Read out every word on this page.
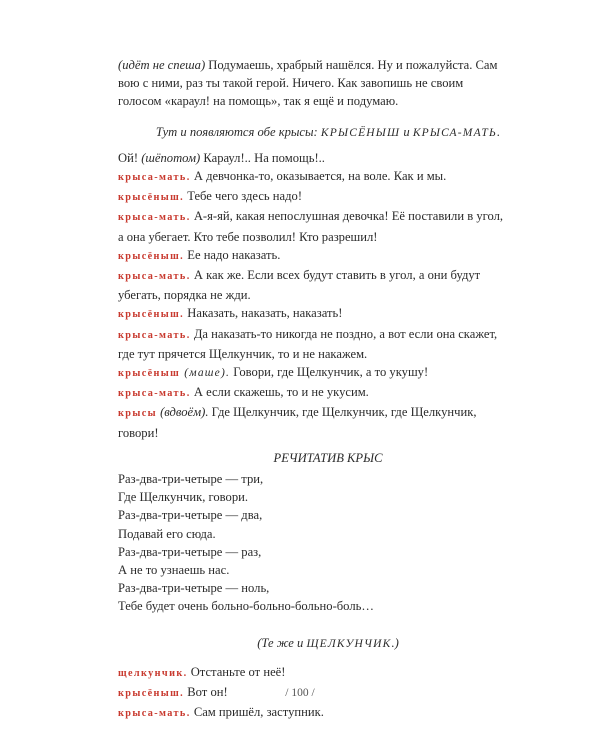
(идёт не спеша) Подумаешь, храбрый нашёлся. Ну и пожалуйста. Сам
вою с ними, раз ты такой герой. Ничего. Как завопишь не своим
голосом «караул! на помощь», так я ещё и подумаю.

Тут и появляются обе крысы: КРЫСЁНЫШ и КРЫСА-МАТЬ.

Ой! (шёпотом) Караул!.. На помощь!..

крыса-мать. А девчонка-то, оказывается, на воле. Как и мы.

крысёныш. Тебе чего здесь надо!

крыса-мать. А-я-яй, какая непослушная девочка! Её поставили в угол,
а она убегает. Кто тебе позволил! Кто разрешил!

крысёныш. Ее надо наказать.

крыса-мать. А как же. Если всех будут ставить в угол, а они будут
убегать, порядка не жди.

крысёныш. Наказать, наказать, наказать!

крыса-мать. Да наказать-то никогда не поздно, а вот если она скажет,
где тут прячется Щелкунчик, то и не накажем.

крысёныш (маше). Говори, где Щелкунчик, а то укушу!

крыса-мать. А если скажешь, то и не укусим.

крысы (вдвоём). Где Щелкунчик, где Щелкунчик, где Щелкунчик,
говори!

РЕЧИТАТИВ КРЫС

Раз-два-три-четыре — три,
Где Щелкунчик, говори.
Раз-два-три-четыре — два,
Подавай его сюда.
Раз-два-три-четыре — раз,
А не то узнаешь нас.
Раз-два-три-четыре — ноль,
Тебе будет очень больно-больно-больно-боль…

(Те же и ЩЕЛКУНЧИК.)

щелкунчик. Отстаньте от неё!

крысёныш. Вот он!

крыса-мать. Сам пришёл, заступник.

/ 100 /
